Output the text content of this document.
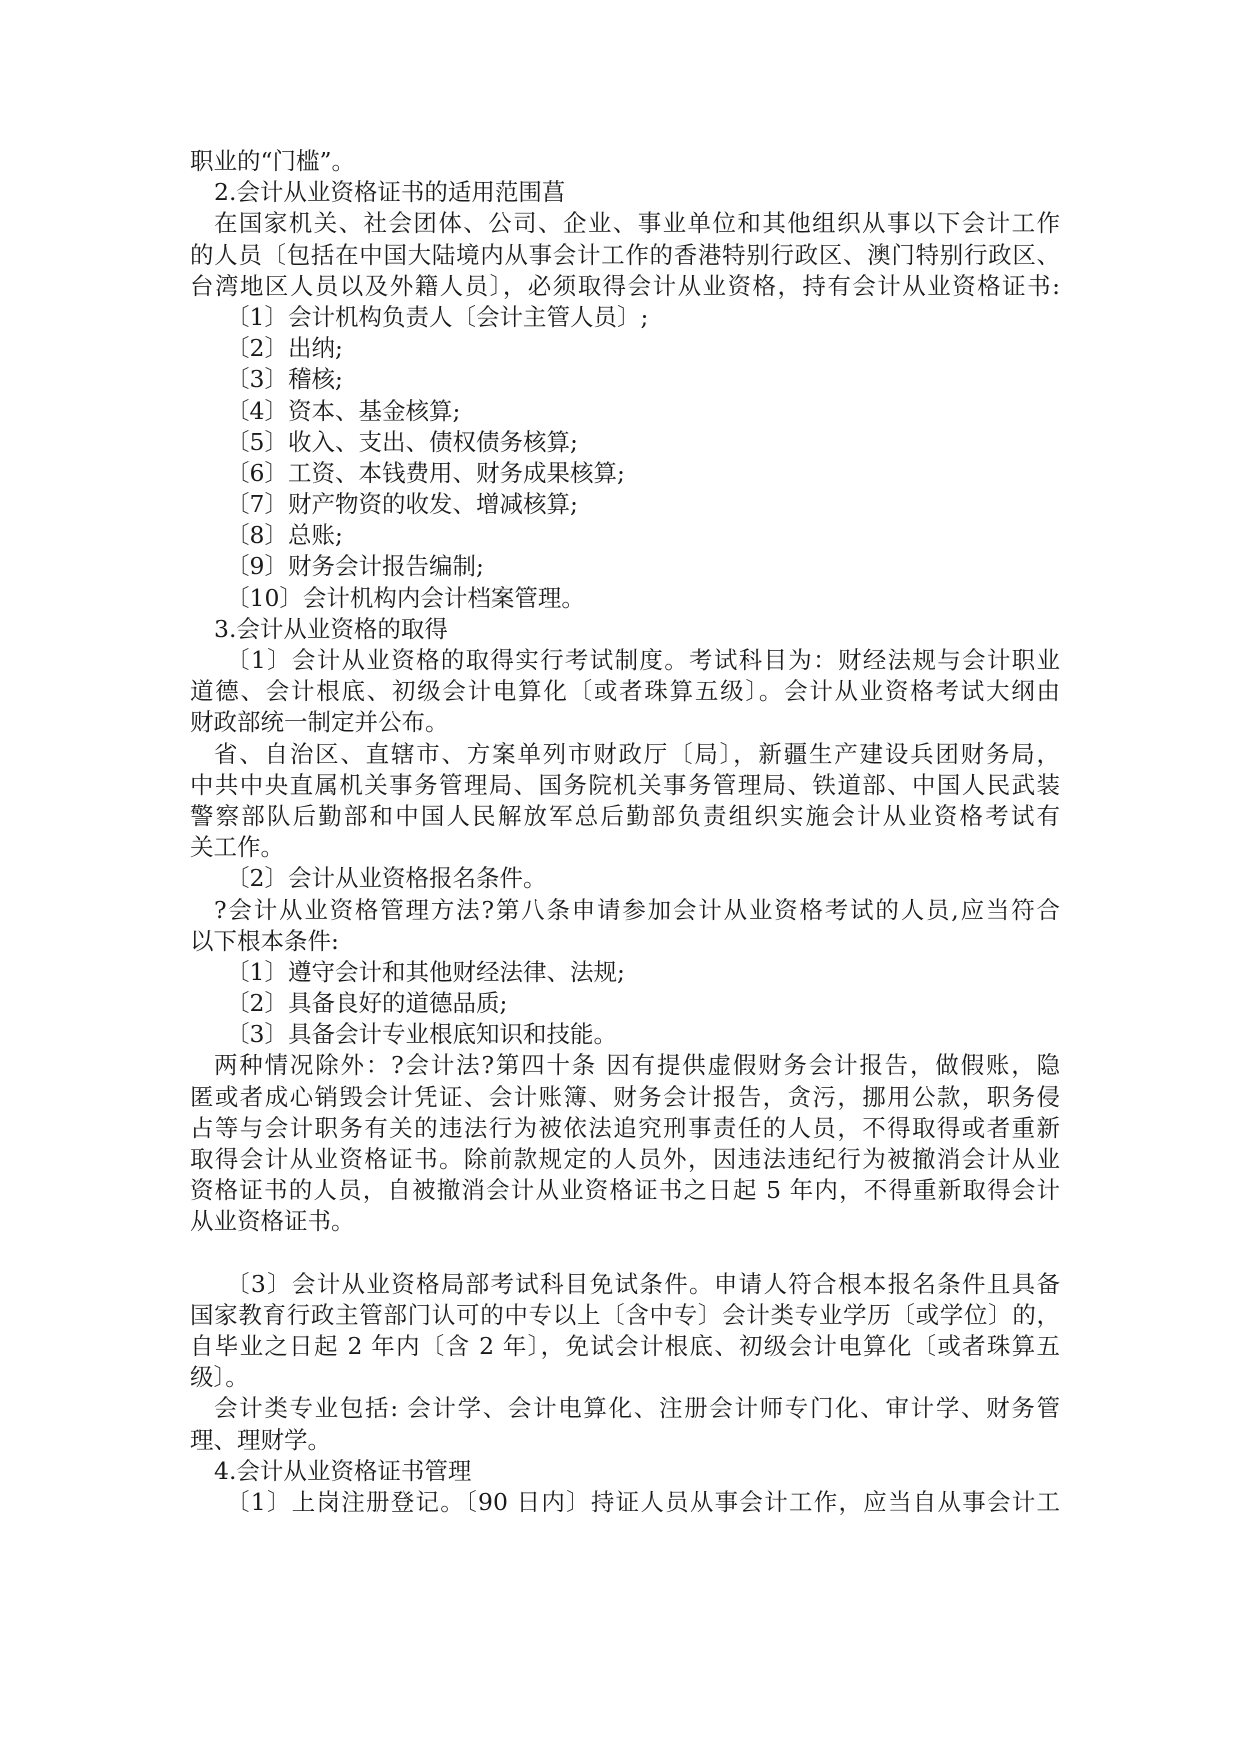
职业的“门槛”。
2.会计从业资格证书的适用范围菖
在国家机关、社会团体、公司、企业、事业单位和其他组织从事以下会计工作
的人员〔包括在中国大陆境内从事会计工作的香港特别行政区、澳门特别行政区、
台湾地区人员以及外籍人员〕，必须取得会计从业资格，持有会计从业资格证书:
〔1〕会计机构负责人〔会计主管人员〕;
〔2〕出纳;
〔3〕稽核;
〔4〕资本、基金核算;
〔5〕收入、支出、债权债务核算;
〔6〕工资、本钱费用、财务成果核算;
〔7〕财产物资的收发、增减核算;
〔8〕总账;
〔9〕财务会计报告编制;
〔10〕会计机构内会计档案管理。
3.会计从业资格的取得
〔1〕会计从业资格的取得实行考试制度。考试科目为：财经法规与会计职业
道德、会计根底、初级会计电算化〔或者珠算五级〕。会计从业资格考试大纲由
财政部统一制定并公布。
省、自治区、直辖市、方案单列市财政厅〔局〕，新疆生产建设兵团财务局，
中共中央直属机关事务管理局、国务院机关事务管理局、铁道部、中国人民武装
警察部队后勤部和中国人民解放军总后勤部负责组织实施会计从业资格考试有
关工作。
〔2〕会计从业资格报名条件。
?会计从业资格管理方法?第八条申请参加会计从业资格考试的人员,应当符合
以下根本条件:
〔1〕遵守会计和其他财经法律、法规;
〔2〕具备良好的道德品质;
〔3〕具备会计专业根底知识和技能。
两种情况除外：?会计法?第四十条 因有提供虚假财务会计报告，做假账，隐
匿或者成心销毁会计凭证、会计账簿、财务会计报告，贪污，挪用公款，职务侵
占等与会计职务有关的违法行为被依法追究刑事责任的人员，不得取得或者重新
取得会计从业资格证书。除前款规定的人员外，因违法违纪行为被撤消会计从业
资格证书的人员，自被撤消会计从业资格证书之日起 5 年内，不得重新取得会计
从业资格证书。
〔3〕会计从业资格局部考试科目免试条件。申请人符合根本报名条件且具备
国家教育行政主管部门认可的中专以上〔含中专〕会计类专业学历〔或学位〕的，
自毕业之日起 2 年内〔含 2 年〕，免试会计根底、初级会计电算化〔或者珠算五
级〕。
会计类专业包括: 会计学、会计电算化、注册会计师专门化、审计学、财务管
理、理财学。
4.会计从业资格证书管理
〔1〕上岗注册登记。〔90 日内〕持证人员从事会计工作，应当自从事会计工
